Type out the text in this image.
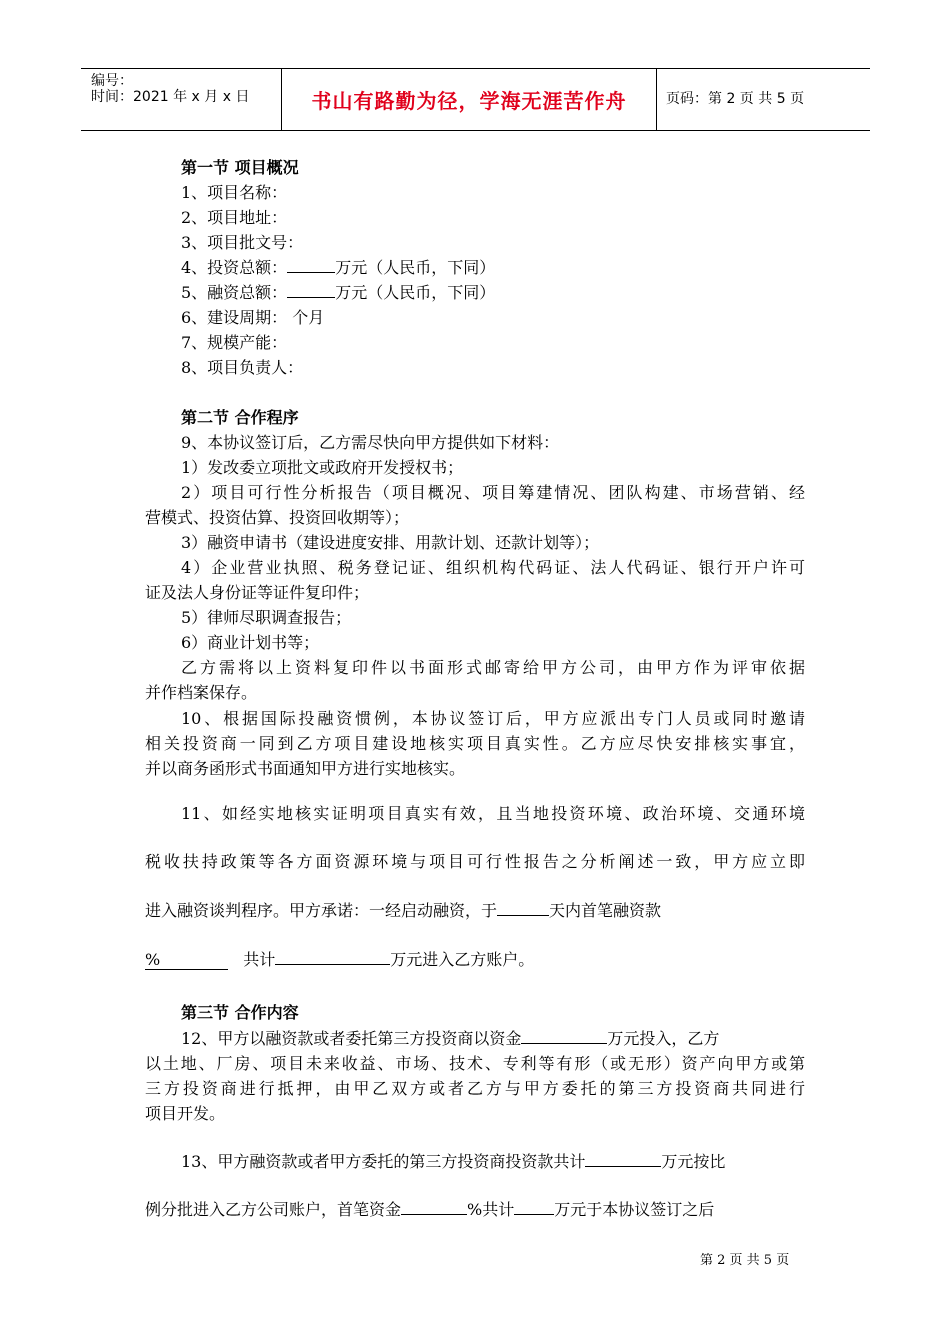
编号：
时间：2021 年 x 月 x 日	书山有路勤为径，学海无涯苦作舟	页码：第 2 页 共 5 页
第一节 项目概况
1、项目名称：
2、项目地址：
3、项目批文号：
4、投资总额：	万元（人民币，下同）
5、融资总额：	万元（人民币，下同）
6、建设周期： 个月
7、规模产能：
8、项目负责人：
第二节 合作程序
9、本协议签订后，乙方需尽快向甲方提供如下材料：
1）发改委立项批文或政府开发授权书；
2）项目可行性分析报告（项目概况、项目筹建情况、团队构建、市场营销、经
营模式、投资估算、投资回收期等）；
3）融资申请书（建设进度安排、用款计划、还款计划等）；
4）企业营业执照、税务登记证、组织机构代码证、法人代码证、银行开户许可
证及法人身份证等证件复印件；
5）律师尽职调查报告；
6）商业计划书等；
乙方需将以上资料复印件以书面形式邮寄给甲方公司，由甲方作为评审依据
并作档案保存。
10、根据国际投融资惯例，本协议签订后，甲方应派出专门人员或同时邀请
相关投资商一同到乙方项目建设地核实项目真实性。乙方应尽快安排核实事宜，
并以商务函形式书面通知甲方进行实地核实。
11、如经实地核实证明项目真实有效，且当地投资环境、政治环境、交通环境
税收扶持政策等各方面资源环境与项目可行性报告之分析阐述一致，甲方应立即
进入融资谈判程序。甲方承诺：一经启动融资，于	天内首笔融资款
%	共计	万元进入乙方账户。
第三节 合作内容
12、甲方以融资款或者委托第三方投资商以资金	万元投入，乙方
以土地、厂房、项目未来收益、市场、技术、专利等有形（或无形）资产向甲方或第
三方投资商进行抵押，由甲乙双方或者乙方与甲方委托的第三方投资商共同进行
项目开发。
13、甲方融资款或者甲方委托的第三方投资商投资款共计	万元按比
例分批进入乙方公司账户，首笔资金	%共计	万元于本协议签订之后
第 2 页 共 5 页
